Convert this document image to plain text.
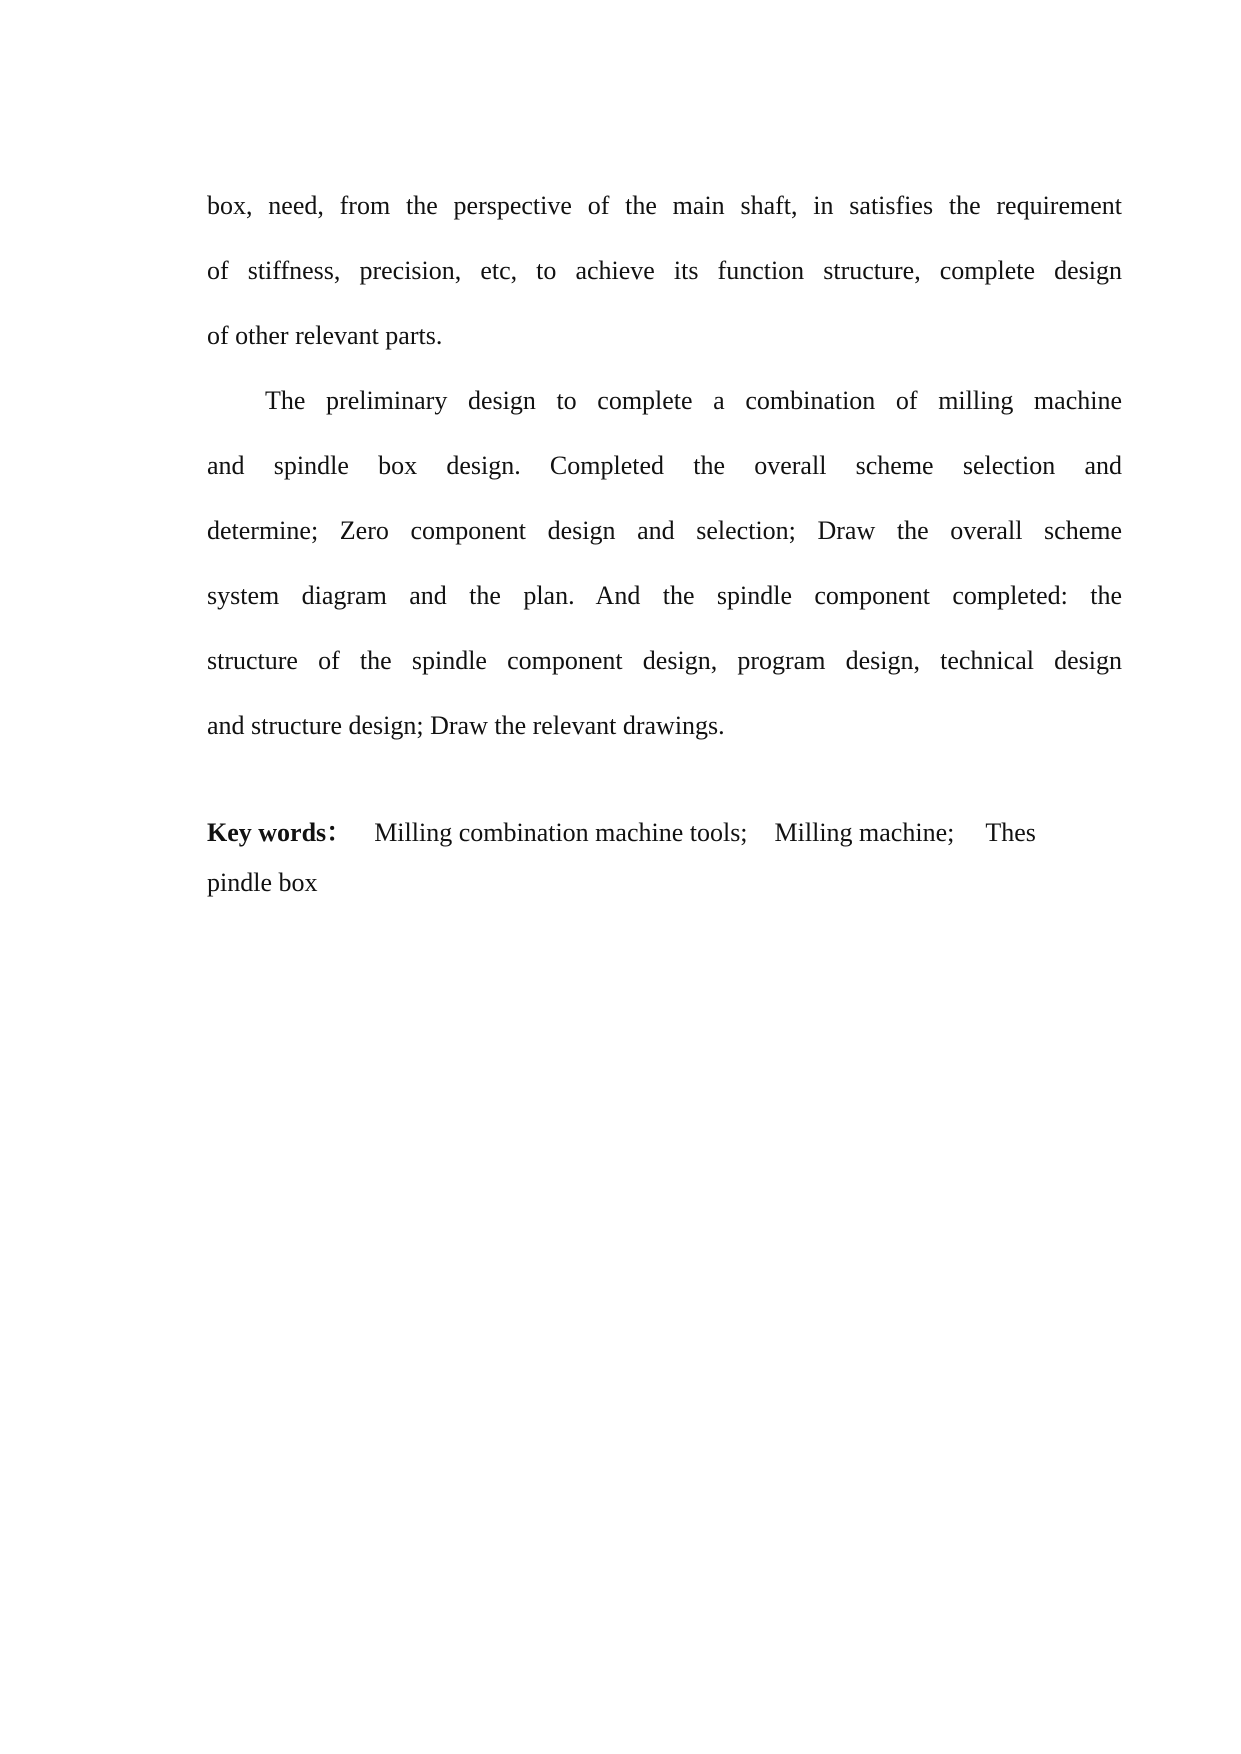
box, need, from the perspective of the main shaft, in satisfies the requirement
of stiffness, precision, etc, to achieve its function structure, complete design
of other relevant parts.
The preliminary design to complete a combination of milling machine
and spindle box design. Completed the overall scheme selection and
determine; Zero component design and selection; Draw the overall scheme
system diagram and the plan. And the spindle component completed: the
structure of the spindle component design, program design, technical design
and structure design; Draw the relevant drawings.
Key words： Milling combination machine tools; Milling machine; Thes
pindle box
